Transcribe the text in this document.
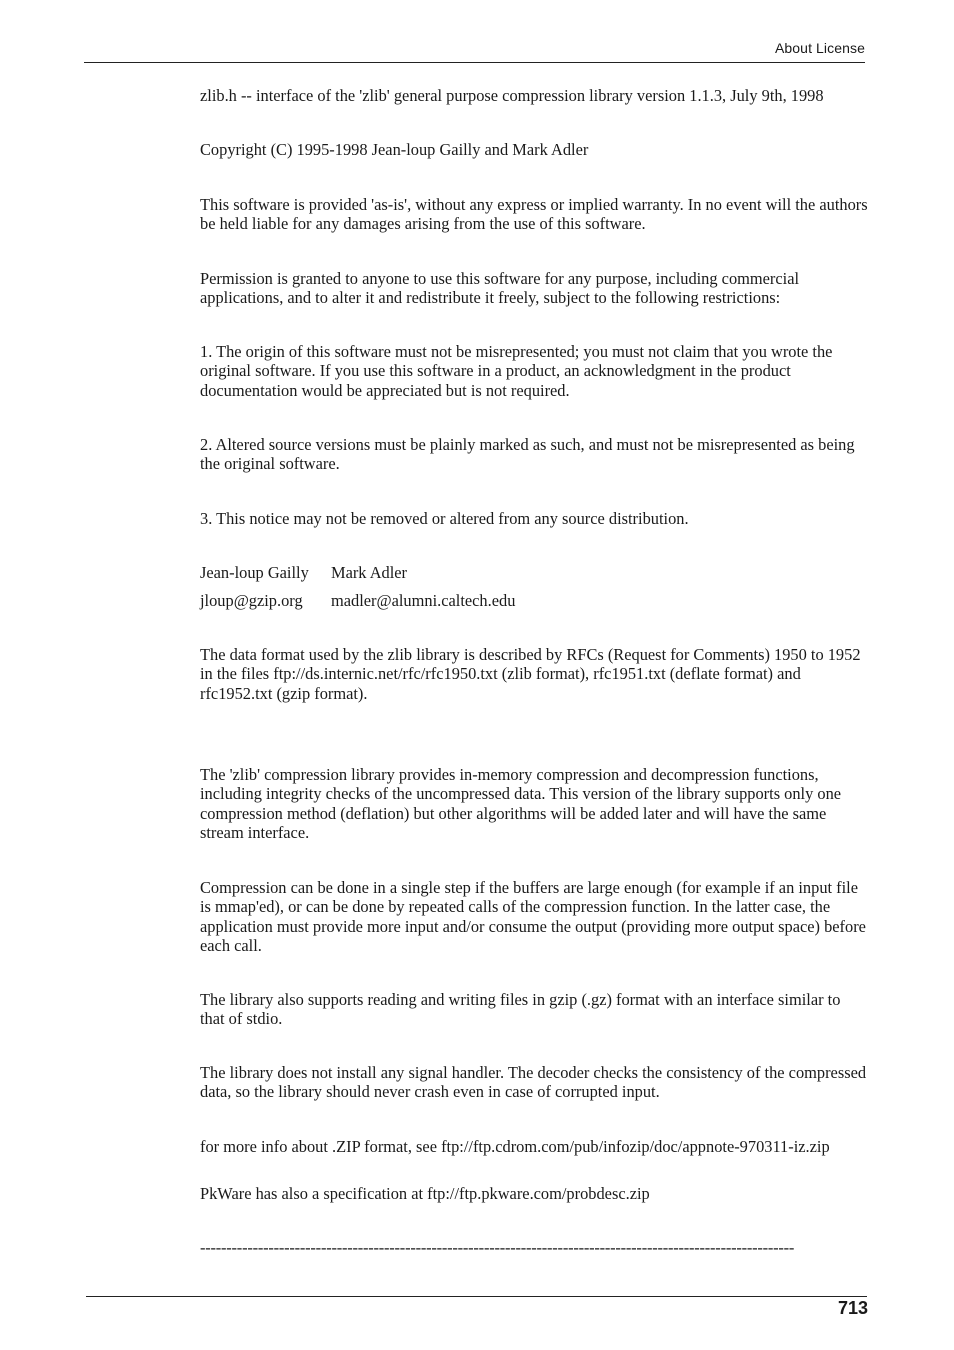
About License

zlib.h -- interface of the 'zlib' general purpose compression library version 1.1.3, July 9th, 1998

Copyright (C) 1995-1998 Jean-loup Gailly and Mark Adler

This software is provided 'as-is', without any express or implied warranty. In no event will the authors be held liable for any damages arising from the use of this software.

Permission is granted to anyone to use this software for any purpose, including commercial applications, and to alter it and redistribute it freely, subject to the following restrictions:

1. The origin of this software must not be misrepresented; you must not claim that you wrote the original software. If you use this software in a product, an acknowledgment in the product documentation would be appreciated but is not required.

2. Altered source versions must be plainly marked as such, and must not be misrepresented as being the original software.

3. This notice may not be removed or altered from any source distribution.

Jean-loup Gailly Mark Adler
jloup@gzip.org madler@alumni.caltech.edu

The data format used by the zlib library is described by RFCs (Request for Comments) 1950 to 1952 in the files ftp://ds.internic.net/rfc/rfc1950.txt (zlib format), rfc1951.txt (deflate format) and rfc1952.txt (gzip format).

The 'zlib' compression library provides in-memory compression and decompression functions, including integrity checks of the uncompressed data. This version of the library supports only one compression method (deflation) but other algorithms will be added later and will have the same stream interface.

Compression can be done in a single step if the buffers are large enough (for example if an input file is mmap'ed), or can be done by repeated calls of the compression function. In the latter case, the application must provide more input and/or consume the output (providing more output space) before each call.

The library also supports reading and writing files in gzip (.gz) format with an interface similar to that of stdio.

The library does not install any signal handler. The decoder checks the consistency of the compressed data, so the library should never crash even in case of corrupted input.

for more info about .ZIP format, see ftp://ftp.cdrom.com/pub/infozip/doc/appnote-970311-iz.zip

PkWare has also a specification at ftp://ftp.pkware.com/probdesc.zip

-----------------------------------------------------------------------------------------------------------------

713
